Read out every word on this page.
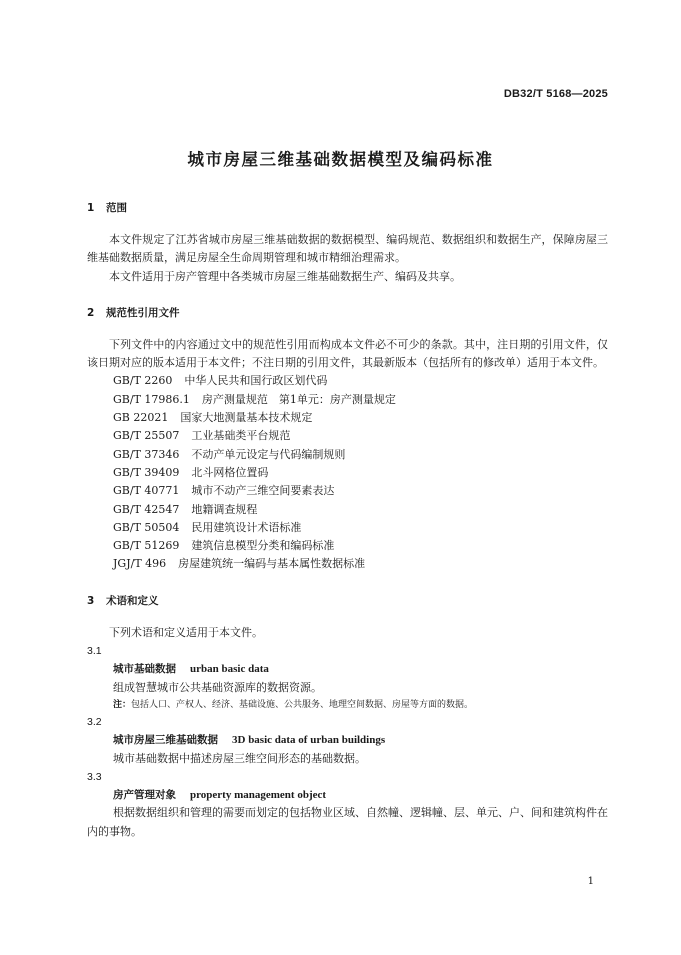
DB32/T 5168—2025
城市房屋三维基础数据模型及编码标准

1 范围

本文件规定了江苏省城市房屋三维基础数据的数据模型、编码规范、数据组织和数据生产，保障房屋三维基础数据质量，满足房屋全生命周期管理和城市精细治理需求。

本文件适用于房产管理中各类城市房屋三维基础数据生产、编码及共享。

2 规范性引用文件

下列文件中的内容通过文中的规范性引用而构成本文件必不可少的条款。其中，注日期的引用文件，仅该日期对应的版本适用于本文件；不注日期的引用文件，其最新版本（包括所有的修改单）适用于本文件。

GB/T 2260 中华人民共和国行政区划代码
GB/T 17986.1 房产测量规范　第1单元：房产测量规定
GB 22021 国家大地测量基本技术规定
GB/T 25507 工业基础类平台规范
GB/T 37346 不动产单元设定与代码编制规则
GB/T 39409 北斗网格位置码
GB/T 40771 城市不动产三维空间要素表达
GB/T 42547 地籍调查规程
GB/T 50504 民用建筑设计术语标准
GB/T 51269 建筑信息模型分类和编码标准
JGJ/T 496 房屋建筑统一编码与基本属性数据标准

3 术语和定义

下列术语和定义适用于本文件。

3.1

城市基础数据 urban basic data

组成智慧城市公共基础资源库的数据资源。

注：包括人口、产权人、经济、基础设施、公共服务、地理空间数据、房屋等方面的数据。

3.2

城市房屋三维基础数据 3D basic data of urban buildings

城市基础数据中描述房屋三维空间形态的基础数据。

3.3

房产管理对象 property management object

根据数据组织和管理的需要而划定的包括物业区域、自然幢、逻辑幢、层、单元、户、间和建筑构件在内的事物。

1
